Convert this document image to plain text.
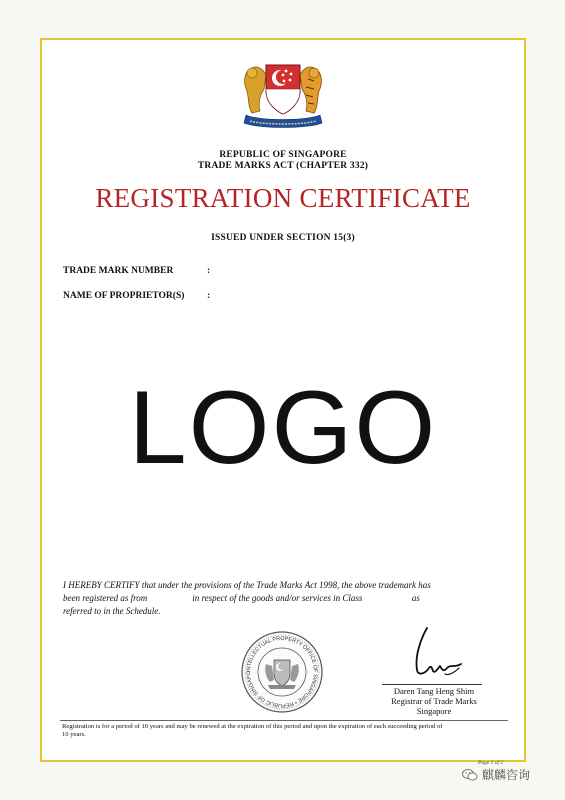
REPUBLIC OF SINGAPORE
TRADE MARKS ACT (CHAPTER 332)
REGISTRATION CERTIFICATE
ISSUED UNDER SECTION 15(3)
TRADE MARK NUMBER	:
NAME OF PROPRIETOR(S) :
LOGO
I HEREBY CERTIFY that under the provisions of the Trade Marks Act 1998, the above trademark has
been registered as from                    in respect of the goods and/or services in Class                      as
referred to in the Schedule.
INTELLECTUAL PROPERTY OFFICE OF SINGAPORE • REPUBLIC OF SINGAPO
Daren Tang Heng Shim
Registrar of Trade Marks
Singapore
Registration is for a period of 10 years and may be renewed at the expiration of this period and upon the expiration of each succeeding period of
10 years.
Page 1 of 2
麒麟咨询
